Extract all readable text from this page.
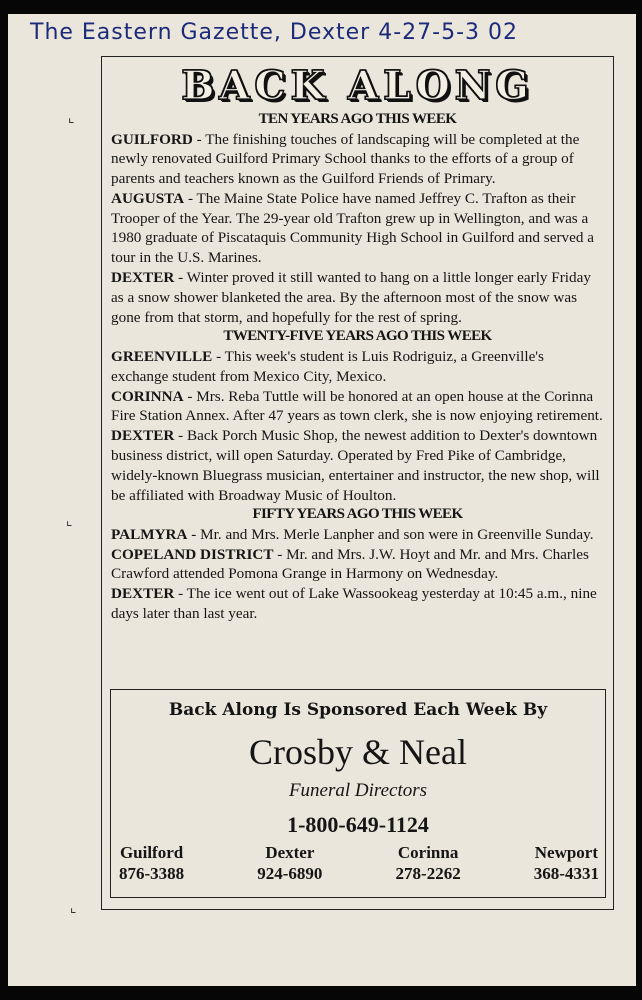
The Eastern Gazette, Dexter 4-27-5-3 02
⌞
⌞
⌞
BACK ALONG
TEN YEARS AGO THIS WEEK

GUILFORD - The finishing touches of landscaping will be completed at the newly renovated Guilford Primary School thanks to the efforts of a group of parents and teachers known as the Guilford Friends of Primary.

AUGUSTA - The Maine State Police have named Jeffrey C. Trafton as their Trooper of the Year. The 29-year old Trafton grew up in Wellington, and was a 1980 graduate of Piscataquis Community High School in Guilford and served a tour in the U.S. Marines.

DEXTER - Winter proved it still wanted to hang on a little longer early Friday as a snow shower blanketed the area. By the afternoon most of the snow was gone from that storm, and hopefully for the rest of spring.

TWENTY-FIVE YEARS AGO THIS WEEK

GREENVILLE - This week's student is Luis Rodriguiz, a Greenville's exchange student from Mexico City, Mexico.

CORINNA - Mrs. Reba Tuttle will be honored at an open house at the Corinna Fire Station Annex. After 47 years as town clerk, she is now enjoying retirement.

DEXTER - Back Porch Music Shop, the newest addition to Dexter's downtown business district, will open Saturday. Operated by Fred Pike of Cambridge, widely-known Bluegrass musician, entertainer and instructor, the new shop, will be affiliated with Broadway Music of Houlton.

FIFTY YEARS AGO THIS WEEK

PALMYRA - Mr. and Mrs. Merle Lanpher and son were in Greenville Sunday.

COPELAND DISTRICT - Mr. and Mrs. J.W. Hoyt and Mr. and Mrs. Charles Crawford attended Pomona Grange in Harmony on Wednesday.

DEXTER - The ice went out of Lake Wassookeag yesterday at 10:45 a.m., nine days later than last year.

Back Along Is Sponsored Each Week By
Crosby & Neal
Funeral Directors
1-800-649-1124
Guilford
876-3388
Dexter
924-6890
Corinna
278-2262
Newport
368-4331
